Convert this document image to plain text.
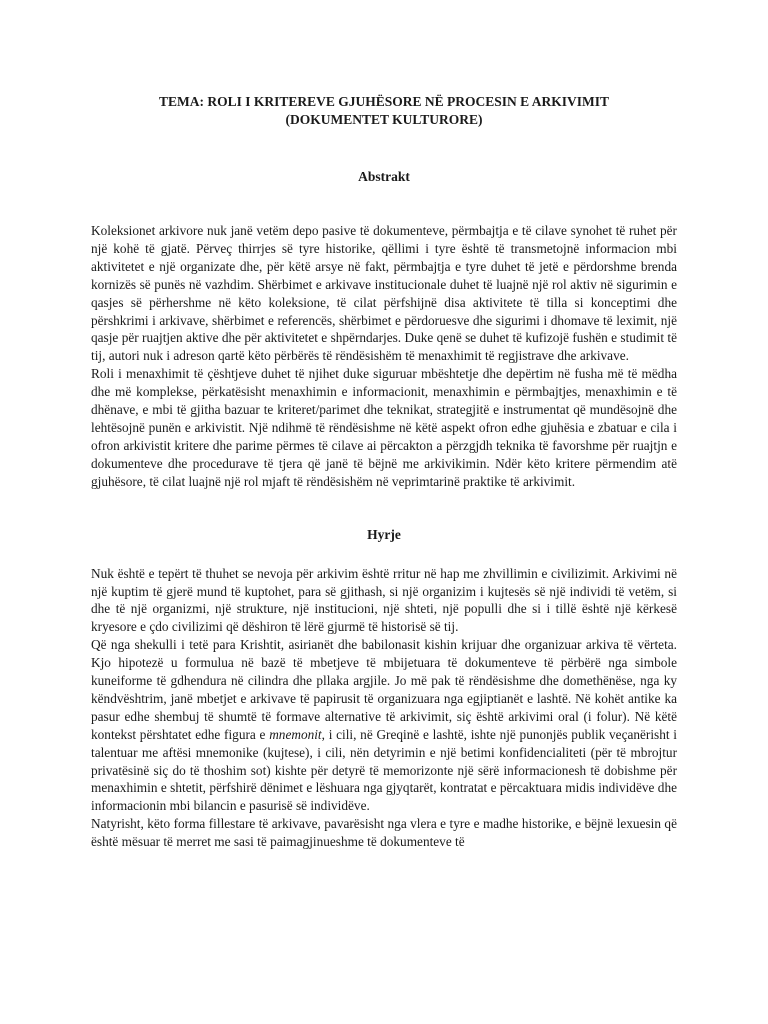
TEMA: ROLI I KRITEREVE GJUHËSORE NË PROCESIN E ARKIVIMIT
(DOKUMENTET KULTURORE)

Abstrakt

Koleksionet arkivore nuk janë vetëm depo pasive të dokumenteve, përmbajtja e të cilave synohet të ruhet për një kohë të gjatë. Përveç thirrjes së tyre historike, qëllimi i tyre është të transmetojnë informacion mbi aktivitetet e një organizate dhe, për këtë arsye në fakt, përmbajtja e tyre duhet të jetë e përdorshme brenda kornizës së punës në vazhdim. Shërbimet e arkivave institucionale duhet të luajnë një rol aktiv në sigurimin e qasjes së përhershme në këto koleksione, të cilat përfshijnë disa aktivitete të tilla si konceptimi dhe përshkrimi i arkivave, shërbimet e referencës, shërbimet e përdoruesve dhe sigurimi i dhomave të leximit, një qasje për ruajtjen aktive dhe për aktivitetet e shpërndarjes. Duke qenë se duhet të kufizojë fushën e studimit të tij, autori nuk i adreson qartë këto përbërës të rëndësishëm të menaxhimit të regjistrave dhe arkivave.

Roli i menaxhimit të çështjeve duhet të njihet duke siguruar mbështetje dhe depërtim në fusha më të mëdha dhe më komplekse, përkatësisht menaxhimin e informacionit, menaxhimin e përmbajtjes, menaxhimin e të dhënave, e mbi të gjitha bazuar te kriteret/parimet dhe teknikat, strategjitë e instrumentat që mundësojnë dhe lehtësojnë punën e arkivistit. Një ndihmë të rëndësishme në këtë aspekt ofron edhe gjuhësia e zbatuar e cila i ofron arkivistit kritere dhe parime përmes të cilave ai përcakton a përzgjdh teknika të favorshme për ruajtjn e dokumenteve dhe procedurave të tjera që janë të bëjnë me arkivikimin. Ndër këto kritere përmendim atë gjuhësore, të cilat luajnë një rol mjaft të rëndësishëm në veprimtarinë praktike të arkivimit.

Hyrje

Nuk është e tepërt të thuhet se nevoja për arkivim është rritur në hap me zhvillimin e civilizimit. Arkivimi në një kuptim të gjerë mund të kuptohet, para së gjithash, si një organizim i kujtesës së një individi të vetëm, si dhe të një organizmi, një strukture, një institucioni, një shteti, një populli dhe si i tillë është një kërkesë kryesore e çdo civilizimi që dëshiron të lërë gjurmë të historisë së tij.

Që nga shekulli i tetë para Krishtit, asirianët dhe babilonasit kishin krijuar dhe organizuar arkiva të vërteta. Kjo hipotezë u formulua në bazë të mbetjeve të mbijetuara të dokumenteve të përbërë nga simbole kuneiforme të gdhendura në cilindra dhe pllaka argjile. Jo më pak të rëndësishme dhe domethënëse, nga ky këndvështrim, janë mbetjet e arkivave të papirusit të organizuara nga egjiptianët e lashtë. Në kohët antike ka pasur edhe shembuj të shumtë të formave alternative të arkivimit, siç është arkivimi oral (i folur). Në këtë kontekst përshtatet edhe figura e mnemonit, i cili, në Greqinë e lashtë, ishte një punonjës publik veçanërisht i talentuar me aftësi mnemonike (kujtese), i cili, nën detyrimin e një betimi konfidencialiteti (për të mbrojtur privatësinë siç do të thoshim sot) kishte për detyrë të memorizonte një sërë informacionesh të dobishme për menaxhimin e shtetit, përfshirë dënimet e lëshuara nga gjyqtarët, kontratat e përcaktuara midis individëve dhe informacionin mbi bilancin e pasurisë së individëve.

Natyrisht, këto forma fillestare të arkivave, pavarësisht nga vlera e tyre e madhe historike, e bëjnë lexuesin që është mësuar të merret me sasi të paimagjinueshme të dokumenteve të
